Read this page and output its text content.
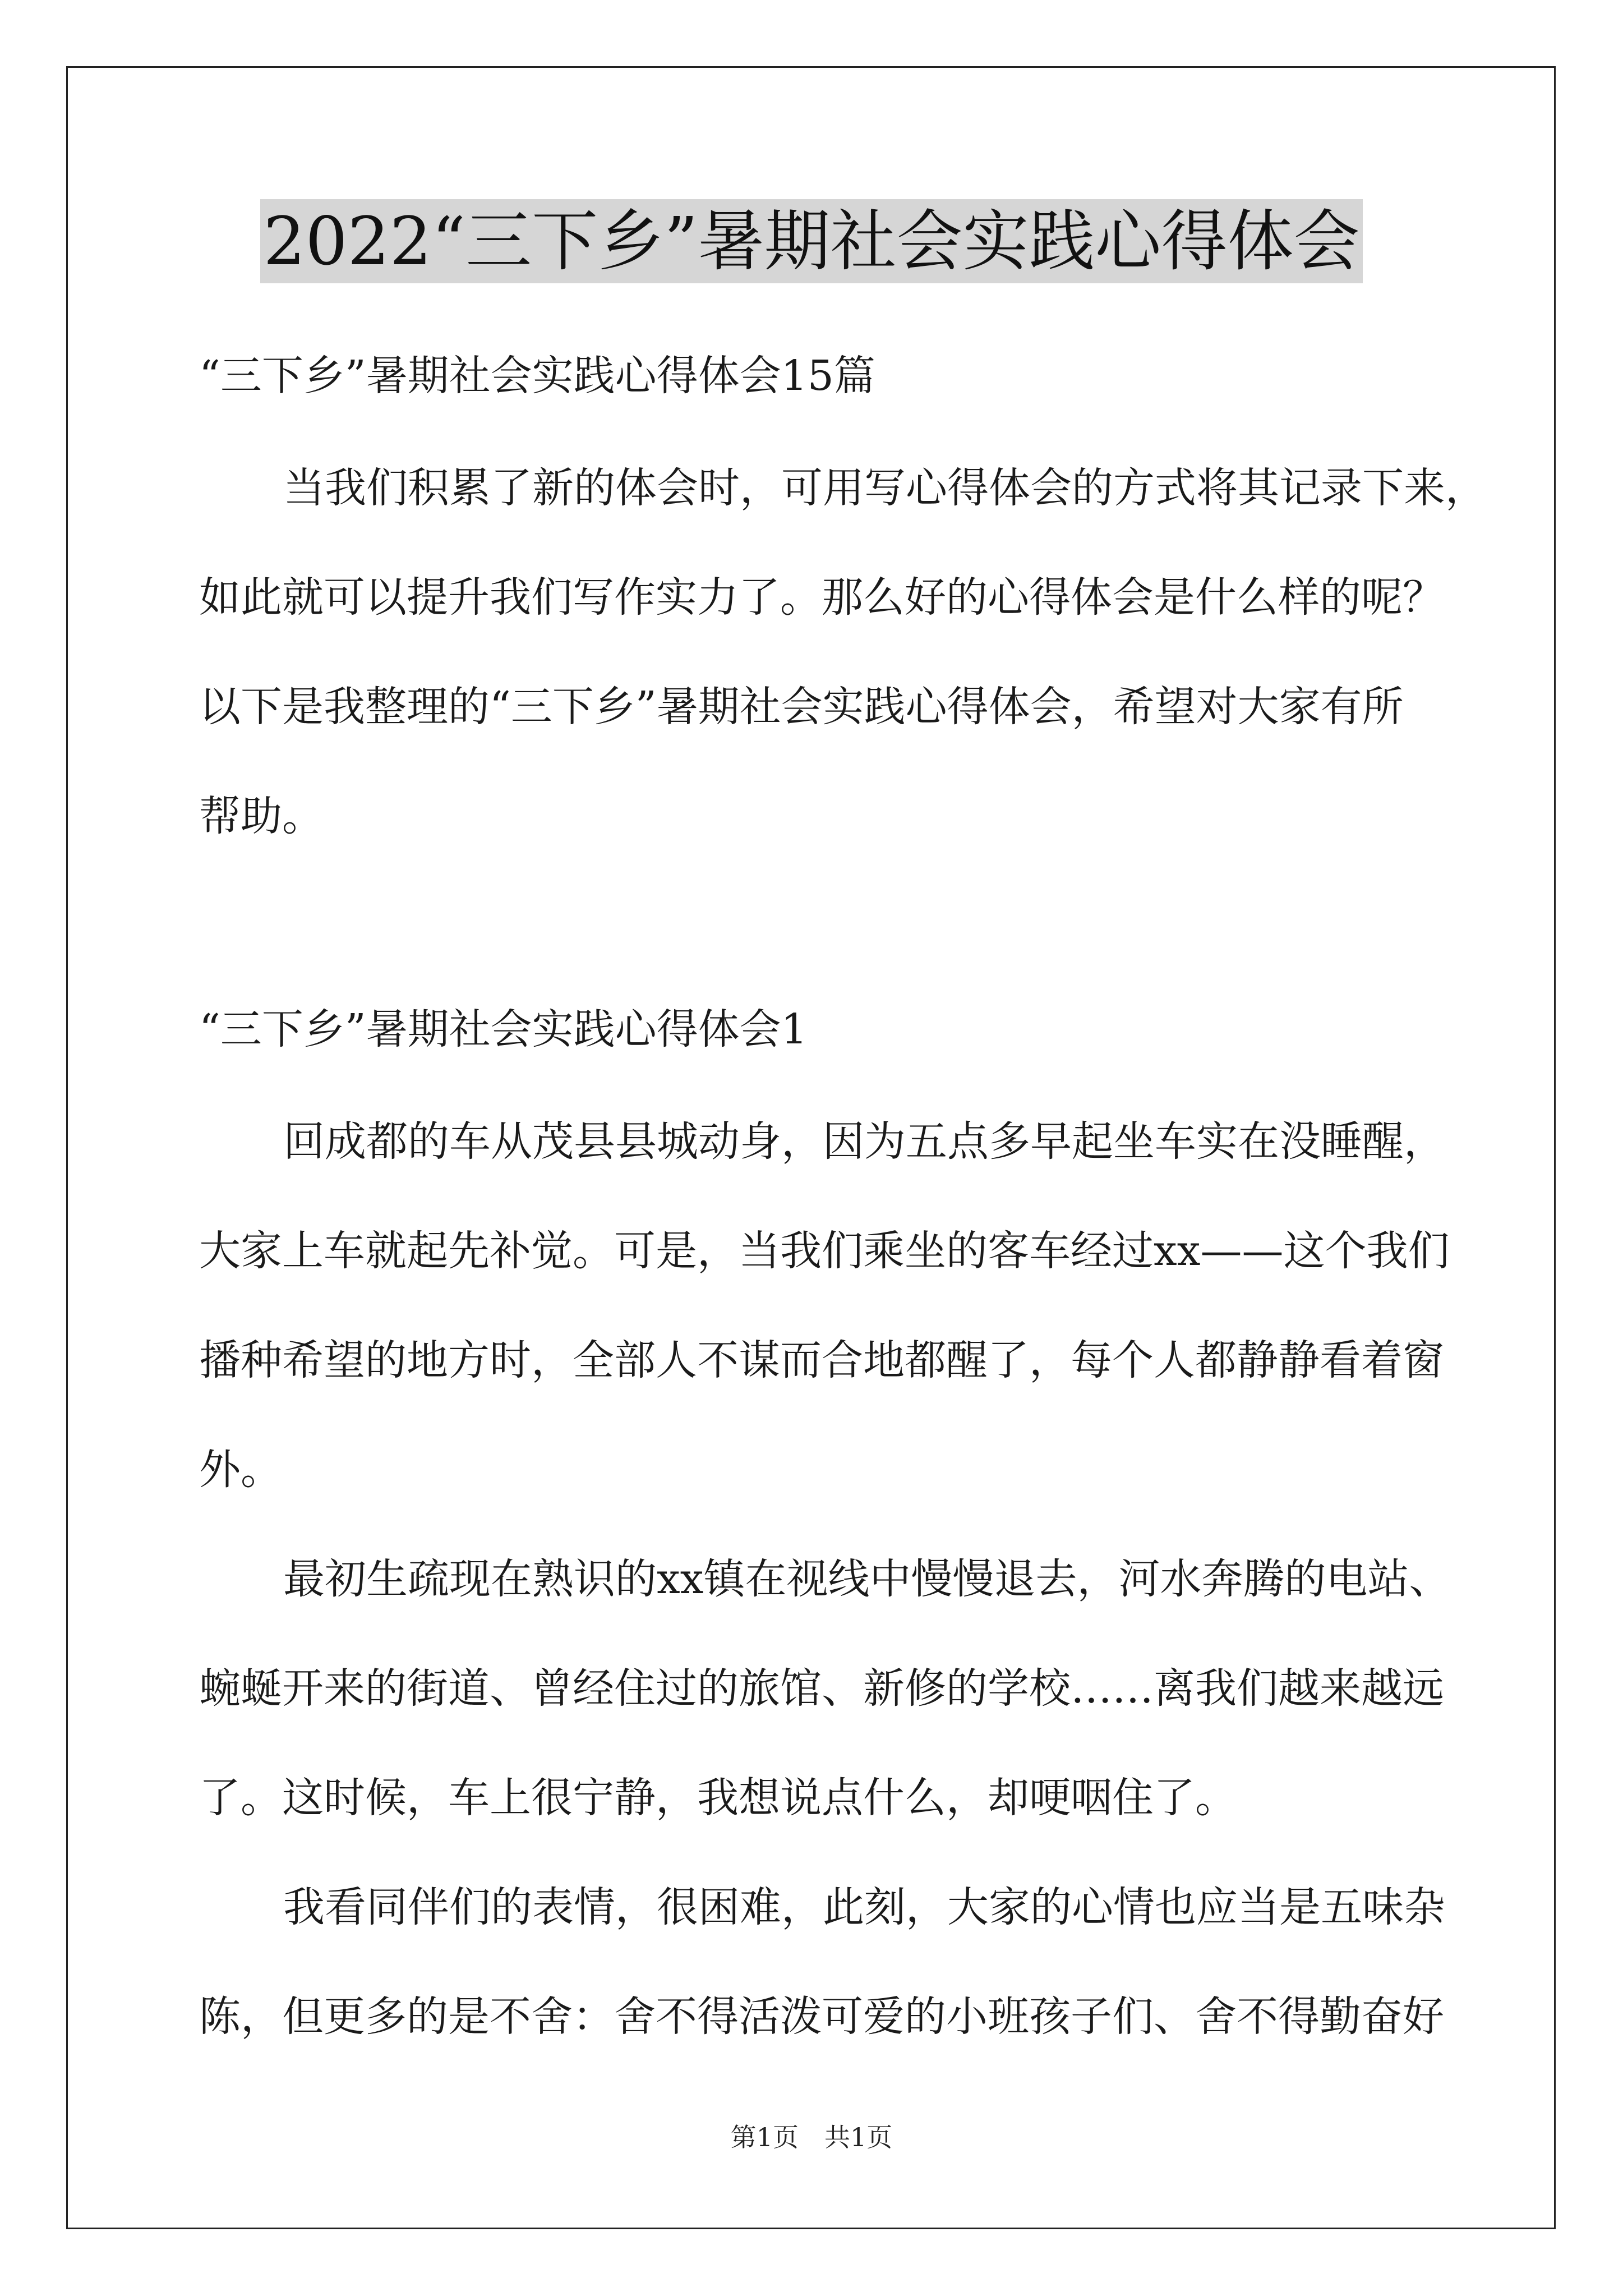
2022“三下乡”暑期社会实践心得体会
“三下乡”暑期社会实践心得体会15篇
当我们积累了新的体会时，可用写心得体会的方式将其记录下来，
如此就可以提升我们写作实力了。那么好的心得体会是什么样的呢？
以下是我整理的“三下乡”暑期社会实践心得体会，希望对大家有所
帮助。
“三下乡”暑期社会实践心得体会1
回成都的车从茂县县城动身，因为五点多早起坐车实在没睡醒，
大家上车就起先补觉。可是，当我们乘坐的客车经过xx——这个我们
播种希望的地方时，全部人不谋而合地都醒了，每个人都静静看着窗
外。
最初生疏现在熟识的xx镇在视线中慢慢退去，河水奔腾的电站、
蜿蜒开来的街道、曾经住过的旅馆、新修的学校……离我们越来越远
了。这时候，车上很宁静，我想说点什么，却哽咽住了。
我看同伴们的表情，很困难，此刻，大家的心情也应当是五味杂
陈，但更多的是不舍：舍不得活泼可爱的小班孩子们、舍不得勤奋好
第1页　共1页
